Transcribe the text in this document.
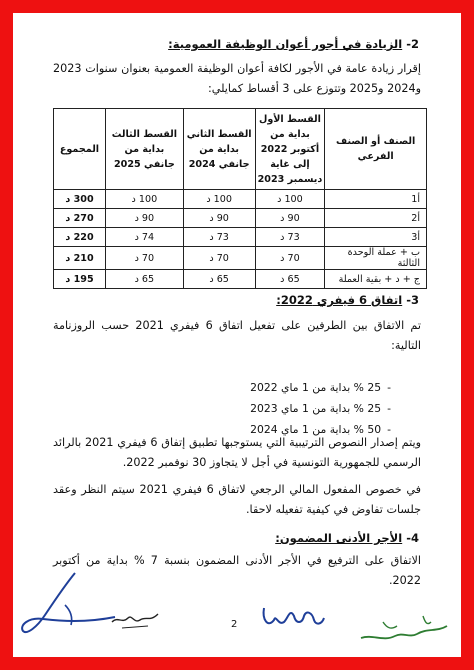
2- الزيادة في أجور أعوان الوظيفة العمومية:
إقرار زيادة عامة في الأجور لكافة أعوان الوظيفة العمومية بعنوان سنوات 2023 و2024 و2025 وتتوزع على 3 أقساط كمايلي:
الصنف أو الصنف الفرعي	القسط الأول بداية من أكتوبر 2022 إلى غاية ديسمبر 2023	القسط الثاني بداية من جانفي 2024	القسط الثالث بداية من جانفي 2025	المجموع
أ1	100 د	100 د	100 د	300 د
أ2	90 د	90 د	90 د	270 د
أ3	73 د	73 د	74 د	220 د
ب + عملة الوحدة الثالثة	70 د	70 د	70 د	210 د
ج + د + بقية العملة	65 د	65 د	65 د	195 د
3- اتفاق 6 فيفري 2022:
تم الاتفاق بين الطرفين على تفعيل اتفاق 6 فيفري 2021 حسب الروزنامة التالية:
-25 % بداية من 1 ماي 2022
-25 % بداية من 1 ماي 2023
-50 % بداية من 1 ماي 2024
ويتم إصدار النصوص الترتيبية التي يستوجبها تطبيق إتفاق 6 فيفري 2021 بالرائد الرسمي للجمهورية التونسية في أجل لا يتجاوز 30 نوفمبر 2022.
في خصوص المفعول المالي الرجعي لاتفاق 6 فيفري 2021 سيتم النظر وعقد جلسات تفاوض في كيفية تفعيله لاحقا.
4- الأجر الأدنى المضمون:
الاتفاق على الترفيع في الأجر الأدنى المضمون بنسبة 7 % بداية من أكتوبر 2022.
2
